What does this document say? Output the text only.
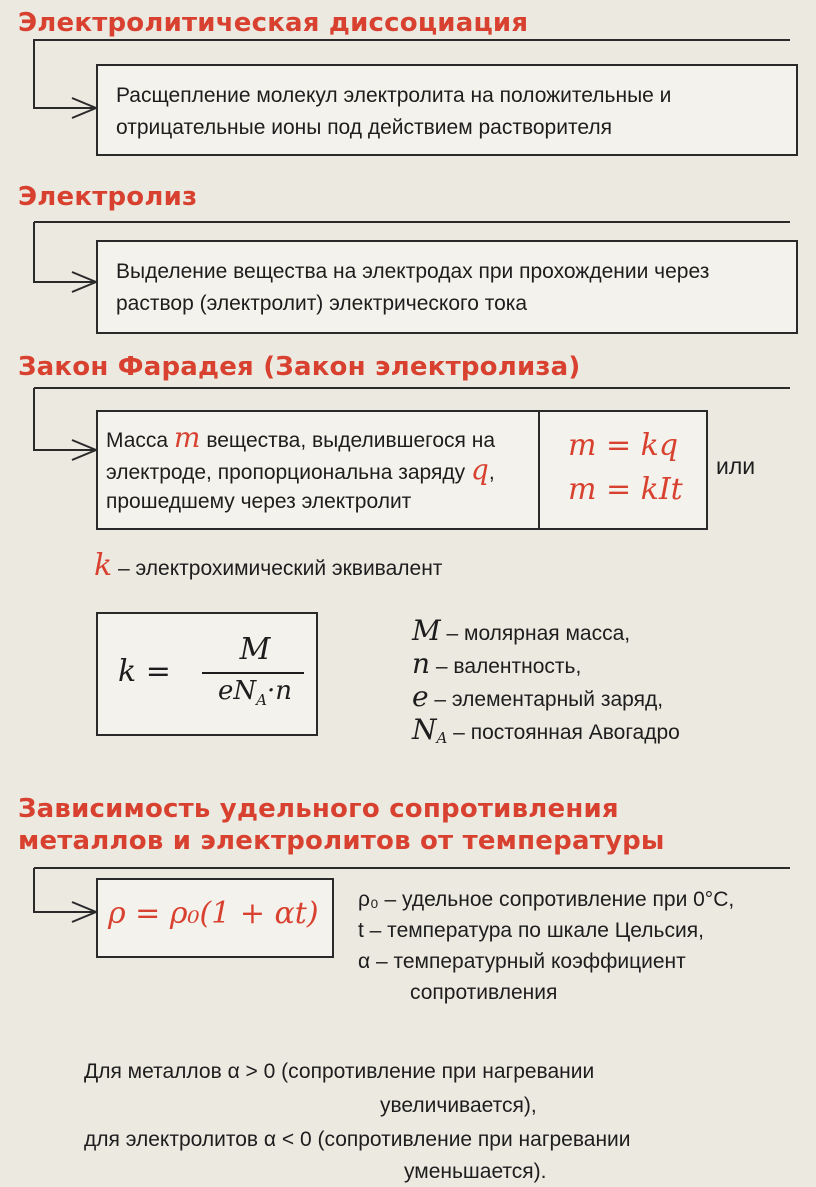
Электролитическая диссоциация
Расщепление молекул электролита на положительные и
отрицательные ионы под действием растворителя
Электролиз
Выделение вещества на электродах при прохождении через
раствор (электролит) электрического тока
Закон Фарадея (Закон электролиза)
Масса m вещества, выделившегося на
электроде, пропорциональна заряду q,
прошедшему через электролит
m = kq
m = kIt
или
k – электрохимический эквивалент
k =
M
$eN_A\cdot n$
M – молярная масса,
n – валентность,
e – элементарный заряд,
$N_A$ – постоянная Авогадро
Зависимость удельного сопротивления
металлов и электролитов от температуры
ρ = ρ₀(1 + αt) ρ₀ – удельное сопротивление при 0°С,
t – температура по шкале Цельсия,
α – температурный коэффициент
сопротивления
Для металлов α > 0 (сопротивление при нагревании
увеличивается),
для электролитов α < 0 (сопротивление при нагревании
уменьшается).
